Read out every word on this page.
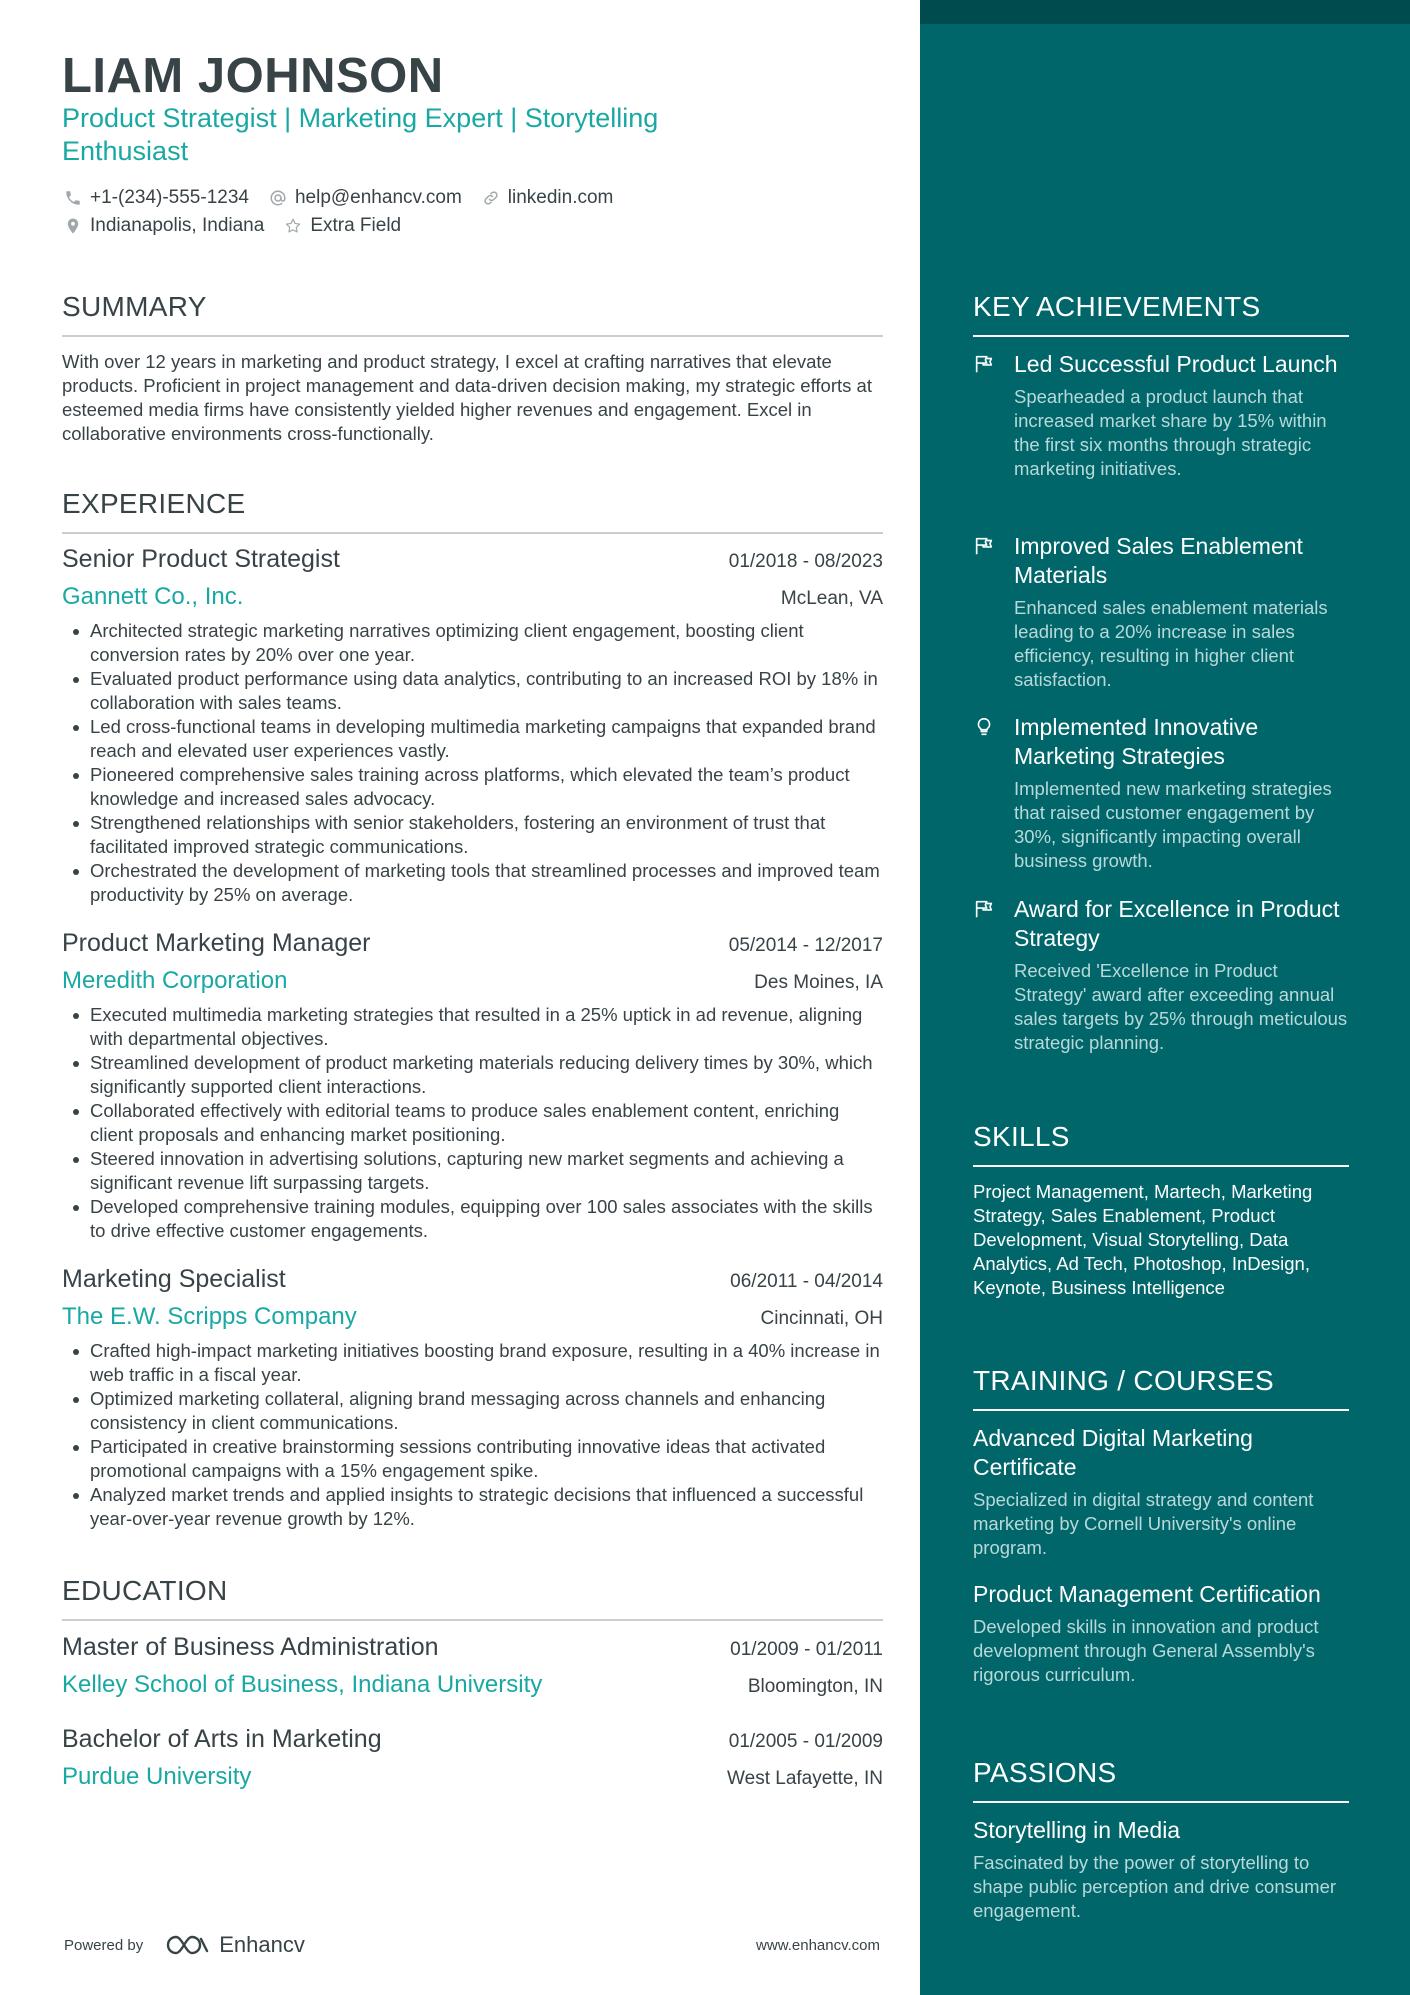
LIAM JOHNSON
Product Strategist | Marketing Expert | Storytelling Enthusiast
+1-(234)-555-1234 help@enhancv.com linkedin.com
Indianapolis, Indiana Extra Field
SUMMARY
With over 12 years in marketing and product strategy, I excel at crafting narratives that elevate products. Proficient in project management and data-driven decision making, my strategic efforts at esteemed media firms have consistently yielded higher revenues and engagement. Excel in collaborative environments cross-functionally.
EXPERIENCE
Senior Product Strategist	01/2018 - 08/2023
Gannett Co., Inc.	McLean, VA
Architected strategic marketing narratives optimizing client engagement, boosting client conversion rates by 20% over one year.
Evaluated product performance using data analytics, contributing to an increased ROI by 18% in collaboration with sales teams.
Led cross-functional teams in developing multimedia marketing campaigns that expanded brand reach and elevated user experiences vastly.
Pioneered comprehensive sales training across platforms, which elevated the team’s product knowledge and increased sales advocacy.
Strengthened relationships with senior stakeholders, fostering an environment of trust that facilitated improved strategic communications.
Orchestrated the development of marketing tools that streamlined processes and improved team productivity by 25% on average.
Product Marketing Manager	05/2014 - 12/2017
Meredith Corporation	Des Moines, IA
Executed multimedia marketing strategies that resulted in a 25% uptick in ad revenue, aligning with departmental objectives.
Streamlined development of product marketing materials reducing delivery times by 30%, which significantly supported client interactions.
Collaborated effectively with editorial teams to produce sales enablement content, enriching client proposals and enhancing market positioning.
Steered innovation in advertising solutions, capturing new market segments and achieving a significant revenue lift surpassing targets.
Developed comprehensive training modules, equipping over 100 sales associates with the skills to drive effective customer engagements.
Marketing Specialist	06/2011 - 04/2014
The E.W. Scripps Company	Cincinnati, OH
Crafted high-impact marketing initiatives boosting brand exposure, resulting in a 40% increase in web traffic in a fiscal year.
Optimized marketing collateral, aligning brand messaging across channels and enhancing consistency in client communications.
Participated in creative brainstorming sessions contributing innovative ideas that activated promotional campaigns with a 15% engagement spike.
Analyzed market trends and applied insights to strategic decisions that influenced a successful year-over-year revenue growth by 12%.
EDUCATION
Master of Business Administration	01/2009 - 01/2011
Kelley School of Business, Indiana University	Bloomington, IN
Bachelor of Arts in Marketing	01/2005 - 01/2009
Purdue University	West Lafayette, IN
Powered by	Enhancv	www.enhancv.com
KEY ACHIEVEMENTS
Led Successful Product Launch
Spearheaded a product launch that increased market share by 15% within the first six months through strategic marketing initiatives.
Improved Sales Enablement Materials
Enhanced sales enablement materials leading to a 20% increase in sales efficiency, resulting in higher client satisfaction.
Implemented Innovative Marketing Strategies
Implemented new marketing strategies that raised customer engagement by 30%, significantly impacting overall business growth.
Award for Excellence in Product Strategy
Received 'Excellence in Product Strategy' award after exceeding annual sales targets by 25% through meticulous strategic planning.
SKILLS
Project Management, Martech, Marketing Strategy, Sales Enablement, Product Development, Visual Storytelling, Data Analytics, Ad Tech, Photoshop, InDesign, Keynote, Business Intelligence
TRAINING / COURSES
Advanced Digital Marketing Certificate
Specialized in digital strategy and content marketing by Cornell University's online program.
Product Management Certification
Developed skills in innovation and product development through General Assembly's rigorous curriculum.
PASSIONS
Storytelling in Media
Fascinated by the power of storytelling to shape public perception and drive consumer engagement.
